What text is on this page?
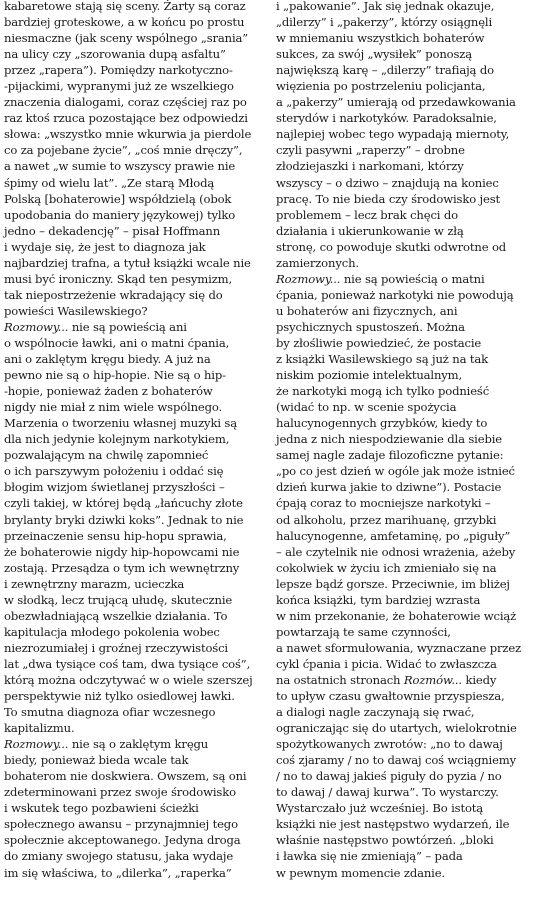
kabaretowe stają się sceny. Żarty są coraz
bardziej groteskowe, a w końcu po prostu
niesmaczne (jak sceny wspólnego „srania”
na ulicy czy „szorowania dupą asfaltu”
przez „rapera”). Pomiędzy narkotyczno-
-pijackimi, wypranymi już ze wszelkiego
znaczenia dialogami, coraz częściej raz po
raz ktoś rzuca pozostające bez odpowiedzi
słowa: „wszystko mnie wkurwia ja pierdole
co za pojebane życie”, „coś mnie dręczy”,
a nawet „w sumie to wszyscy prawie nie
śpimy od wielu lat”. „Ze starą Młodą
Polską [bohaterowie] współdzielą (obok
upodobania do maniery językowej) tylko
jedno – dekadencję” – pisał Hoffmann
i wydaje się, że jest to diagnoza jak
najbardziej trafna, a tytuł książki wcale nie
musi być ironiczny. Skąd ten pesymizm,
tak niepostrzeżenie wkradający się do
powieści Wasilewskiego?
Rozmowy... nie są powieścią ani
o wspólnocie ławki, ani o matni ćpania,
ani o zaklętym kręgu biedy. A już na
pewno nie są o hip-hopie. Nie są o hip-
-hopie, ponieważ żaden z bohaterów
nigdy nie miał z nim wiele wspólnego.
Marzenia o tworzeniu własnej muzyki są
dla nich jedynie kolejnym narkotykiem,
pozwalającym na chwilę zapomnieć
o ich parszywym położeniu i oddać się
błogim wizjom świetlanej przyszłości –
czyli takiej, w której będą „łańcuchy złote
brylanty bryki dziwki koks”. Jednak to nie
przeinaczenie sensu hip-hopu sprawia,
że bohaterowie nigdy hip-hopowcami nie
zostają. Przesądza o tym ich wewnętrzny
i zewnętrzny marazm, ucieczka
w słodką, lecz trującą ułudę, skutecznie
obezwładniającą wszelkie działania. To
kapitulacja młodego pokolenia wobec
niezrozumiałej i groźnej rzeczywistości
lat „dwa tysiące coś tam, dwa tysiące coś”,
którą można odczytywać w o wiele szerszej
perspektywie niż tylko osiedlowej ławki.
To smutna diagnoza ofiar wczesnego
kapitalizmu.
Rozmowy... nie są o zaklętym kręgu
biedy, ponieważ bieda wcale tak
bohaterom nie doskwiera. Owszem, są oni
zdeterminowani przez swoje środowisko
i wskutek tego pozbawieni ścieżki
społecznego awansu – przynajmniej tego
społecznie akceptowanego. Jedyna droga
do zmiany swojego statusu, jaka wydaje
im się właściwa, to „dilerka”, „raperka”
i „pakowanie”. Jak się jednak okazuje,
„dilerzy” i „pakerzy”, którzy osiągnęli
w mniemaniu wszystkich bohaterów
sukces, za swój „wysiłek” ponoszą
największą karę – „dilerzy” trafiają do
więzienia po postrzeleniu policjanta,
a „pakerzy” umierają od przedawkowania
sterydów i narkotyków. Paradoksalnie,
najlepiej wobec tego wypadają miernoty,
czyli pasywni „raperzy” – drobne
złodziejaszki i narkomani, którzy
wszyscy – o dziwo – znajdują na koniec
pracę. To nie bieda czy środowisko jest
problemem – lecz brak chęci do
działania i ukierunkowanie w złą
stronę, co powoduje skutki odwrotne od
zamierzonych.
Rozmowy... nie są powieścią o matni
ćpania, ponieważ narkotyki nie powodują
u bohaterów ani fizycznych, ani
psychicznych spustoszeń. Można
by złośliwie powiedzieć, że postacie
z książki Wasilewskiego są już na tak
niskim poziomie intelektualnym,
że narkotyki mogą ich tylko podnieść
(widać to np. w scenie spożycia
halucynogennych grzybków, kiedy to
jedna z nich niespodziewanie dla siebie
samej nagle zadaje filozoficzne pytanie:
„po co jest dzień w ogóle jak może istnieć
dzień kurwa jakie to dziwne”). Postacie
ćpają coraz to mocniejsze narkotyki –
od alkoholu, przez marihuanę, grzybki
halucynogenne, amfetaminę, po „piguły”
– ale czytelnik nie odnosi wrażenia, ażeby
cokolwiek w życiu ich zmieniało się na
lepsze bądź gorsze. Przeciwnie, im bliżej
końca książki, tym bardziej wzrasta
w nim przekonanie, że bohaterowie wciąż
powtarzają te same czynności,
a nawet sformułowania, wyznaczane przez
cykl ćpania i picia. Widać to zwłaszcza
na ostatnich stronach Rozmów... kiedy
to upływ czasu gwałtownie przyspiesza,
a dialogi nagle zaczynają się rwać,
ograniczając się do utartych, wielokrotnie
spożytkowanych zwrotów: „no to dawaj
coś zjaramy / no to dawaj coś wciągniemy
/ no to dawaj jakieś piguły do pyzia / no
to dawaj / dawaj kurwa”. To wystarczy.
Wystarczało już wcześniej. Bo istotą
książki nie jest następstwo wydarzeń, ile
właśnie następstwo powtórzeń. „bloki
i ławka się nie zmieniają” – pada
w pewnym momencie zdanie.
